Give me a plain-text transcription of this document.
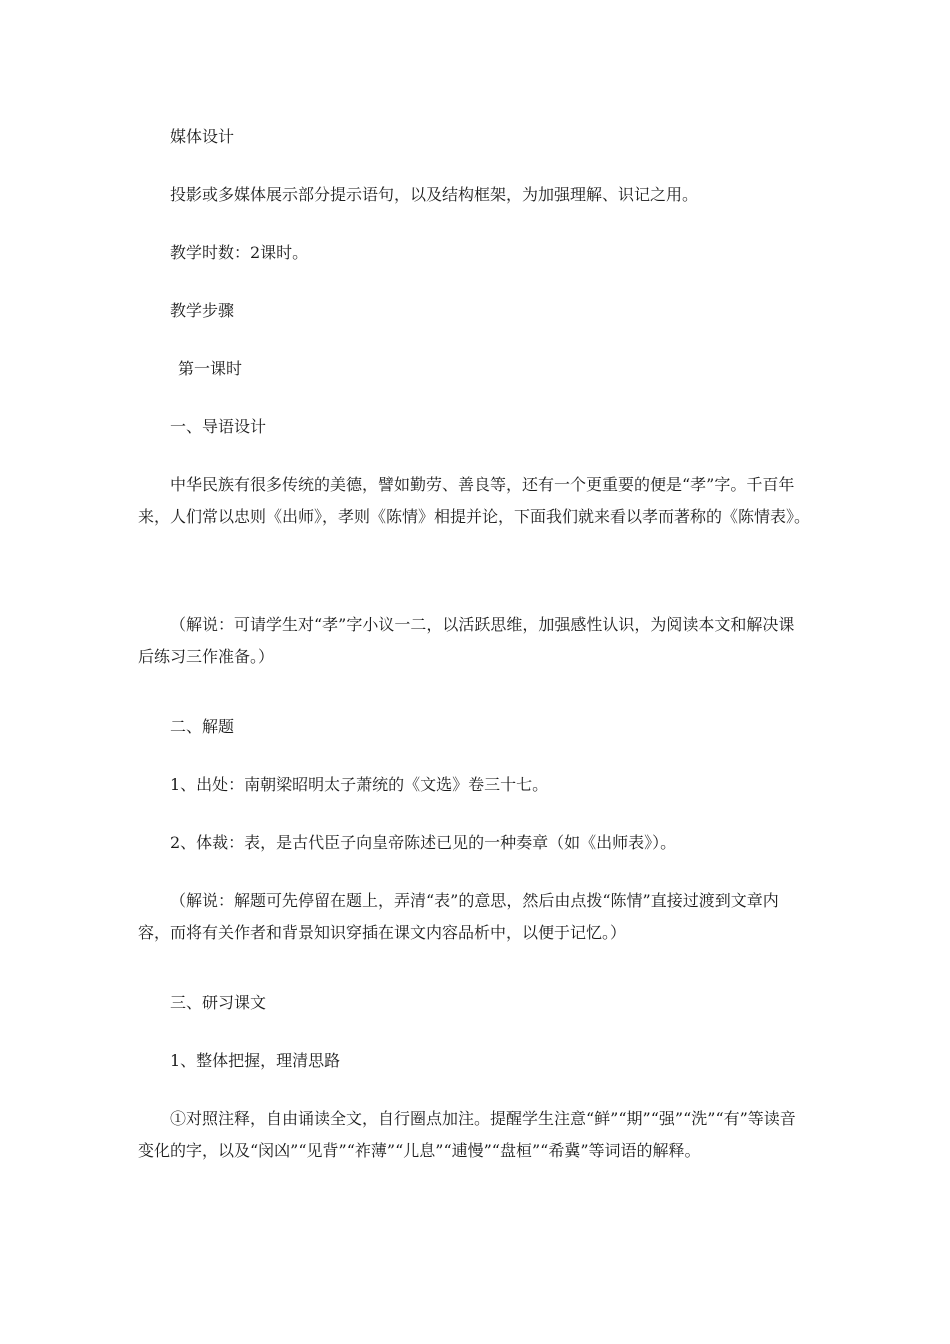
媒体设计

投影或多媒体展示部分提示语句，以及结构框架，为加强理解、识记之用。

教学时数：2课时。

教学步骤

第一课时

一、导语设计

中华民族有很多传统的美德，譬如勤劳、善良等，还有一个更重要的便是“孝”字。千百年来，人们常以忠则《出师》，孝则《陈情》相提并论，下面我们就来看以孝而著称的《陈情表》。

（解说：可请学生对“孝”字小议一二，以活跃思维，加强感性认识，为阅读本文和解决课后练习三作准备。）

二、解题

1、出处：南朝梁昭明太子萧统的《文选》卷三十七。

2、体裁：表，是古代臣子向皇帝陈述已见的一种奏章（如《出师表》）。

（解说：解题可先停留在题上，弄清“表”的意思，然后由点拨“陈情”直接过渡到文章内容，而将有关作者和背景知识穿插在课文内容品析中，以便于记忆。）

三、研习课文

1、整体把握，理清思路

①对照注释，自由诵读全文，自行圈点加注。提醒学生注意“鲜”“期”“强”“洗”“有”等读音变化的字，以及“闵凶”“见背”“祚薄”“儿息”“逋慢”“盘桓”“希冀”等词语的解释。
